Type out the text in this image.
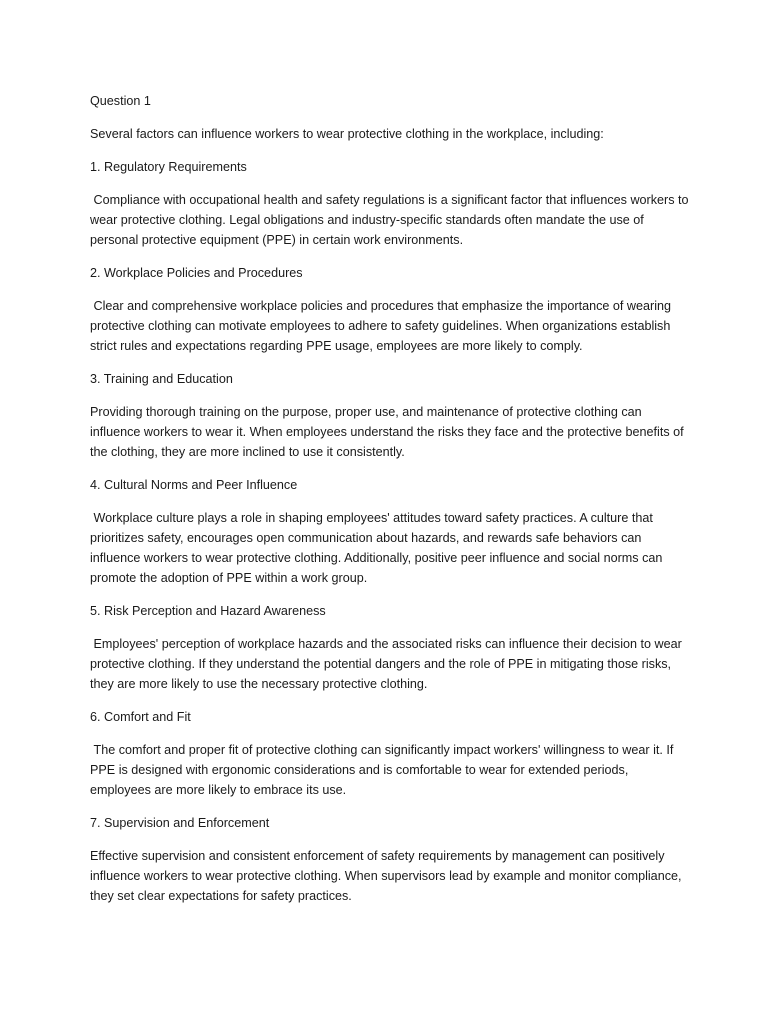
Question 1

Several factors can influence workers to wear protective clothing in the workplace, including:

1. Regulatory Requirements

Compliance with occupational health and safety regulations is a significant factor that influences workers to wear protective clothing. Legal obligations and industry-specific standards often mandate the use of personal protective equipment (PPE) in certain work environments.

2. Workplace Policies and Procedures

Clear and comprehensive workplace policies and procedures that emphasize the importance of wearing protective clothing can motivate employees to adhere to safety guidelines. When organizations establish strict rules and expectations regarding PPE usage, employees are more likely to comply.

3. Training and Education

Providing thorough training on the purpose, proper use, and maintenance of protective clothing can influence workers to wear it. When employees understand the risks they face and the protective benefits of the clothing, they are more inclined to use it consistently.

4. Cultural Norms and Peer Influence

Workplace culture plays a role in shaping employees' attitudes toward safety practices. A culture that prioritizes safety, encourages open communication about hazards, and rewards safe behaviors can influence workers to wear protective clothing. Additionally, positive peer influence and social norms can promote the adoption of PPE within a work group.

5. Risk Perception and Hazard Awareness

Employees' perception of workplace hazards and the associated risks can influence their decision to wear protective clothing. If they understand the potential dangers and the role of PPE in mitigating those risks, they are more likely to use the necessary protective clothing.

6. Comfort and Fit

The comfort and proper fit of protective clothing can significantly impact workers' willingness to wear it. If PPE is designed with ergonomic considerations and is comfortable to wear for extended periods, employees are more likely to embrace its use.

7. Supervision and Enforcement

Effective supervision and consistent enforcement of safety requirements by management can positively influence workers to wear protective clothing. When supervisors lead by example and monitor compliance, they set clear expectations for safety practices.
